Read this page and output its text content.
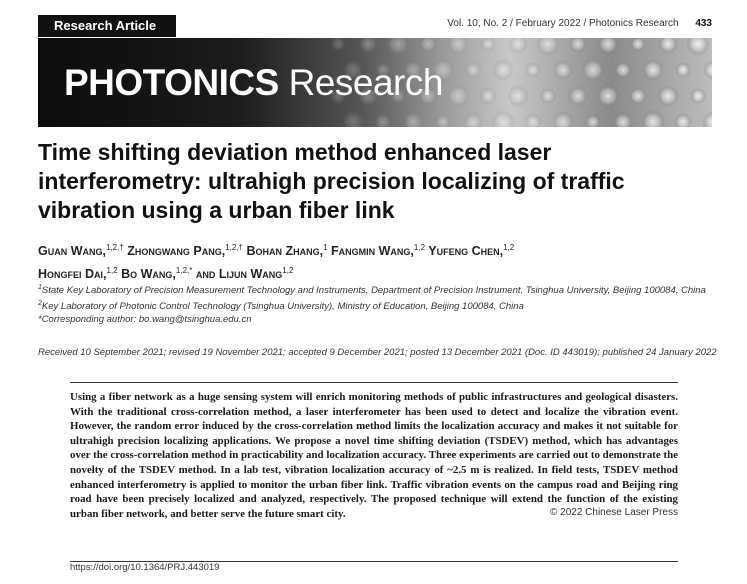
Research Article	Vol. 10, No. 2 / February 2022 / Photonics Research 433
PHOTONICS Research
Time shifting deviation method enhanced laser interferometry: ultrahigh precision localizing of traffic vibration using a urban fiber link
Guan Wang,$^{1,2,\dagger}$ Zhongwang Pang,$^{1,2,\dagger}$ Bohan Zhang,$^1$ Fangmin Wang,$^{1,2}$ Yufeng Chen,$^{1,2}$
Hongfei Dai,$^{1,2}$ Bo Wang,$^{1,2,*}$ and Lijun Wang$^{1,2}$
$^1$State Key Laboratory of Precision Measurement Technology and Instruments, Department of Precision Instrument, Tsinghua University, Beijing 100084, China
$^2$Key Laboratory of Photonic Control Technology (Tsinghua University), Ministry of Education, Beijing 100084, China
*Corresponding author: bo.wang@tsinghua.edu.cn
Received 10 September 2021; revised 19 November 2021; accepted 9 December 2021; posted 13 December 2021 (Doc. ID 443019); published 24 January 2022

Using a fiber network as a huge sensing system will enrich monitoring methods of public infrastructures and geological disasters. With the traditional cross-correlation method, a laser interferometer has been used to detect and localize the vibration event. However, the random error induced by the cross-correlation method limits the localization accuracy and makes it not suitable for ultrahigh precision localizing applications. We propose a novel time shifting deviation (TSDEV) method, which has advantages over the cross-correlation method in practicability and localization accuracy. Three experiments are carried out to demonstrate the novelty of the TSDEV method. In a lab test, vibration localization accuracy of ~2.5 m is realized. In field tests, TSDEV method enhanced interferometry is applied to monitor the urban fiber link. Traffic vibration events on the campus road and Beijing ring road have been precisely localized and analyzed, respectively. The proposed technique will extend the function of the existing urban fiber network, and better serve the future smart city.	© 2022 Chinese Laser Press
https://doi.org/10.1364/PRJ.443019
